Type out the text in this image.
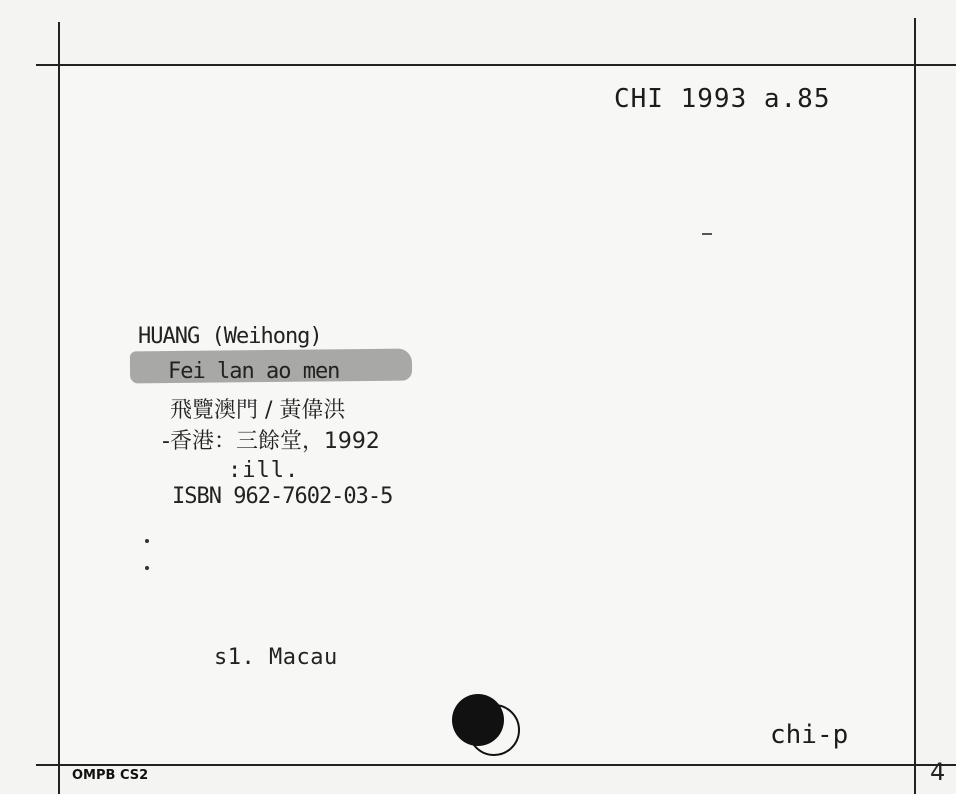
CHI 1993 a.85
HUANG (Weihong)
Fei lan ao men
飛覽澳門 / 黃偉洪
-香港：三餘堂，1992
:ill.
ISBN 962-7602-03-5
s1. Macau
chi-p
OMPB CS2	4
